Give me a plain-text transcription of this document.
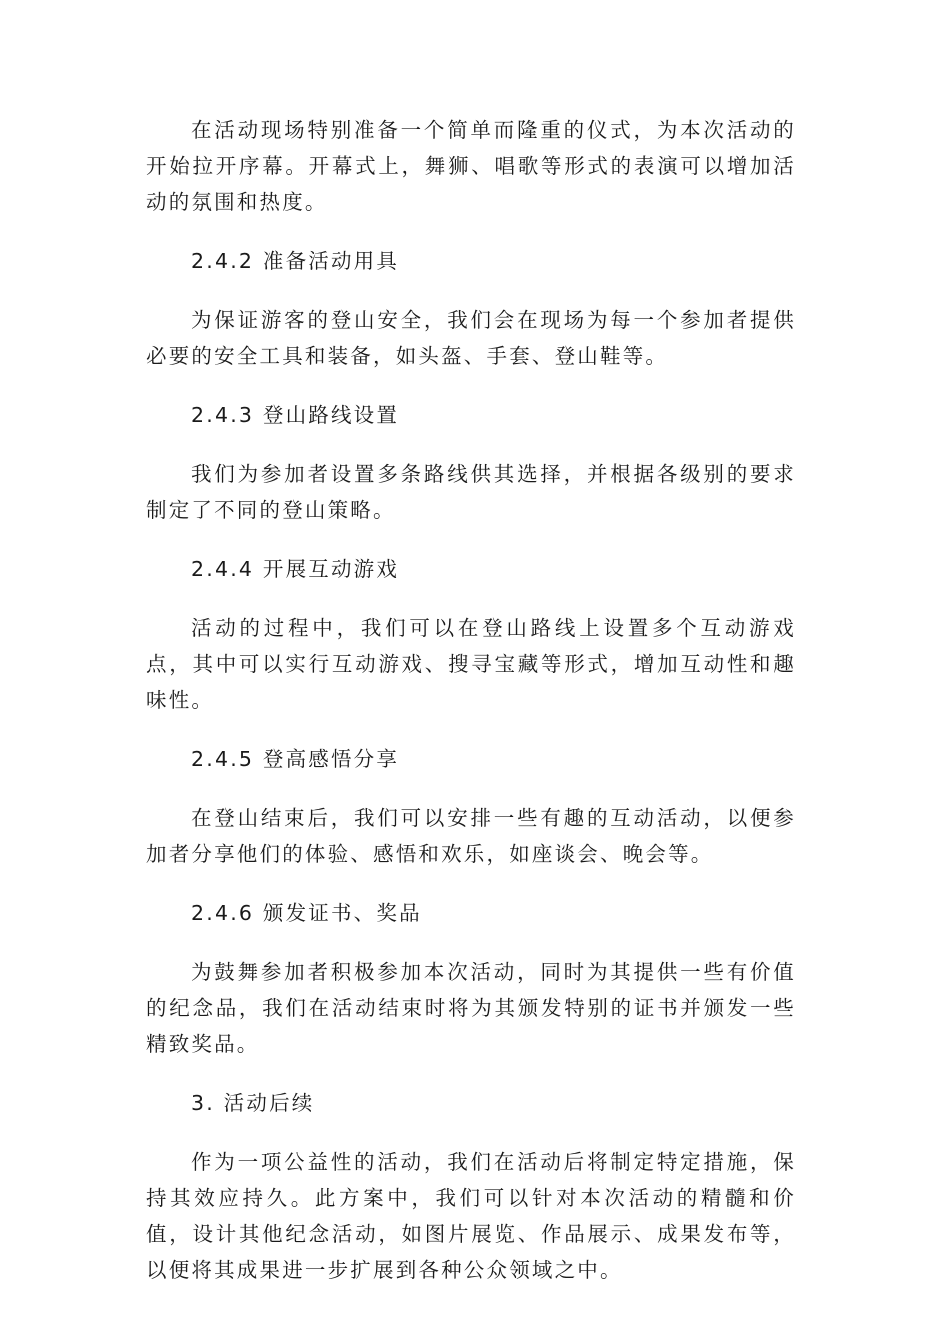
在活动现场特别准备一个简单而隆重的仪式，为本次活动的开始拉开序幕。开幕式上，舞狮、唱歌等形式的表演可以增加活动的氛围和热度。

2.4.2 准备活动用具

为保证游客的登山安全，我们会在现场为每一个参加者提供必要的安全工具和装备，如头盔、手套、登山鞋等。

2.4.3 登山路线设置

我们为参加者设置多条路线供其选择，并根据各级别的要求制定了不同的登山策略。

2.4.4 开展互动游戏

活动的过程中，我们可以在登山路线上设置多个互动游戏点，其中可以实行互动游戏、搜寻宝藏等形式，增加互动性和趣味性。

2.4.5 登高感悟分享

在登山结束后，我们可以安排一些有趣的互动活动，以便参加者分享他们的体验、感悟和欢乐，如座谈会、晚会等。

2.4.6 颁发证书、奖品

为鼓舞参加者积极参加本次活动，同时为其提供一些有价值的纪念品，我们在活动结束时将为其颁发特别的证书并颁发一些精致奖品。

3. 活动后续

作为一项公益性的活动，我们在活动后将制定特定措施，保持其效应持久。此方案中，我们可以针对本次活动的精髓和价值，设计其他纪念活动，如图片展览、作品展示、成果发布等，以便将其成果进一步扩展到各种公众领域之中。
